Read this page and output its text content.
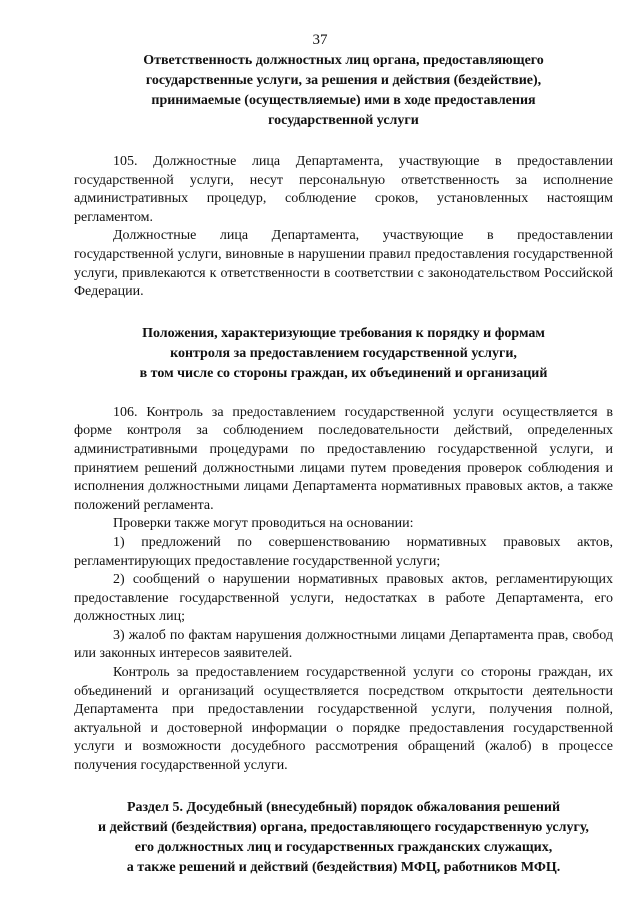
37
Ответственность должностных лиц органа, предоставляющего
государственные услуги, за решения и действия (бездействие),
принимаемые (осуществляемые) ими в ходе предоставления
государственной услуги

105. Должностные лица Департамента, участвующие в предоставлении государственной услуги, несут персональную ответственность за исполнение административных процедур, соблюдение сроков, установленных настоящим регламентом.

Должностные лица Департамента, участвующие в предоставлении государственной услуги, виновные в нарушении правил предоставления государственной услуги, привлекаются к ответственности в соответствии с законодательством Российской Федерации.

Положения, характеризующие требования к порядку и формам
контроля за предоставлением государственной услуги,
в том числе со стороны граждан, их объединений и организаций

106. Контроль за предоставлением государственной услуги осуществляется в форме контроля за соблюдением последовательности действий, определенных административными процедурами по предоставлению государственной услуги, и принятием решений должностными лицами путем проведения проверок соблюдения и исполнения должностными лицами Департамента нормативных правовых актов, а также положений регламента.

Проверки также могут проводиться на основании:

1) предложений по совершенствованию нормативных правовых актов, регламентирующих предоставление государственной услуги;

2) сообщений о нарушении нормативных правовых актов, регламентирующих предоставление государственной услуги, недостатках в работе Департамента, его должностных лиц;

3) жалоб по фактам нарушения должностными лицами Департамента прав, свобод или законных интересов заявителей.

Контроль за предоставлением государственной услуги со стороны граждан, их объединений и организаций осуществляется посредством открытости деятельности Департамента при предоставлении государственной услуги, получения полной, актуальной и достоверной информации о порядке предоставления государственной услуги и возможности досудебного рассмотрения обращений (жалоб) в процессе получения государственной услуги.

Раздел 5. Досудебный (внесудебный) порядок обжалования решений
и действий (бездействия) органа, предоставляющего государственную услугу,
его должностных лиц и государственных гражданских служащих,
а также решений и действий (бездействия) МФЦ, работников МФЦ.
